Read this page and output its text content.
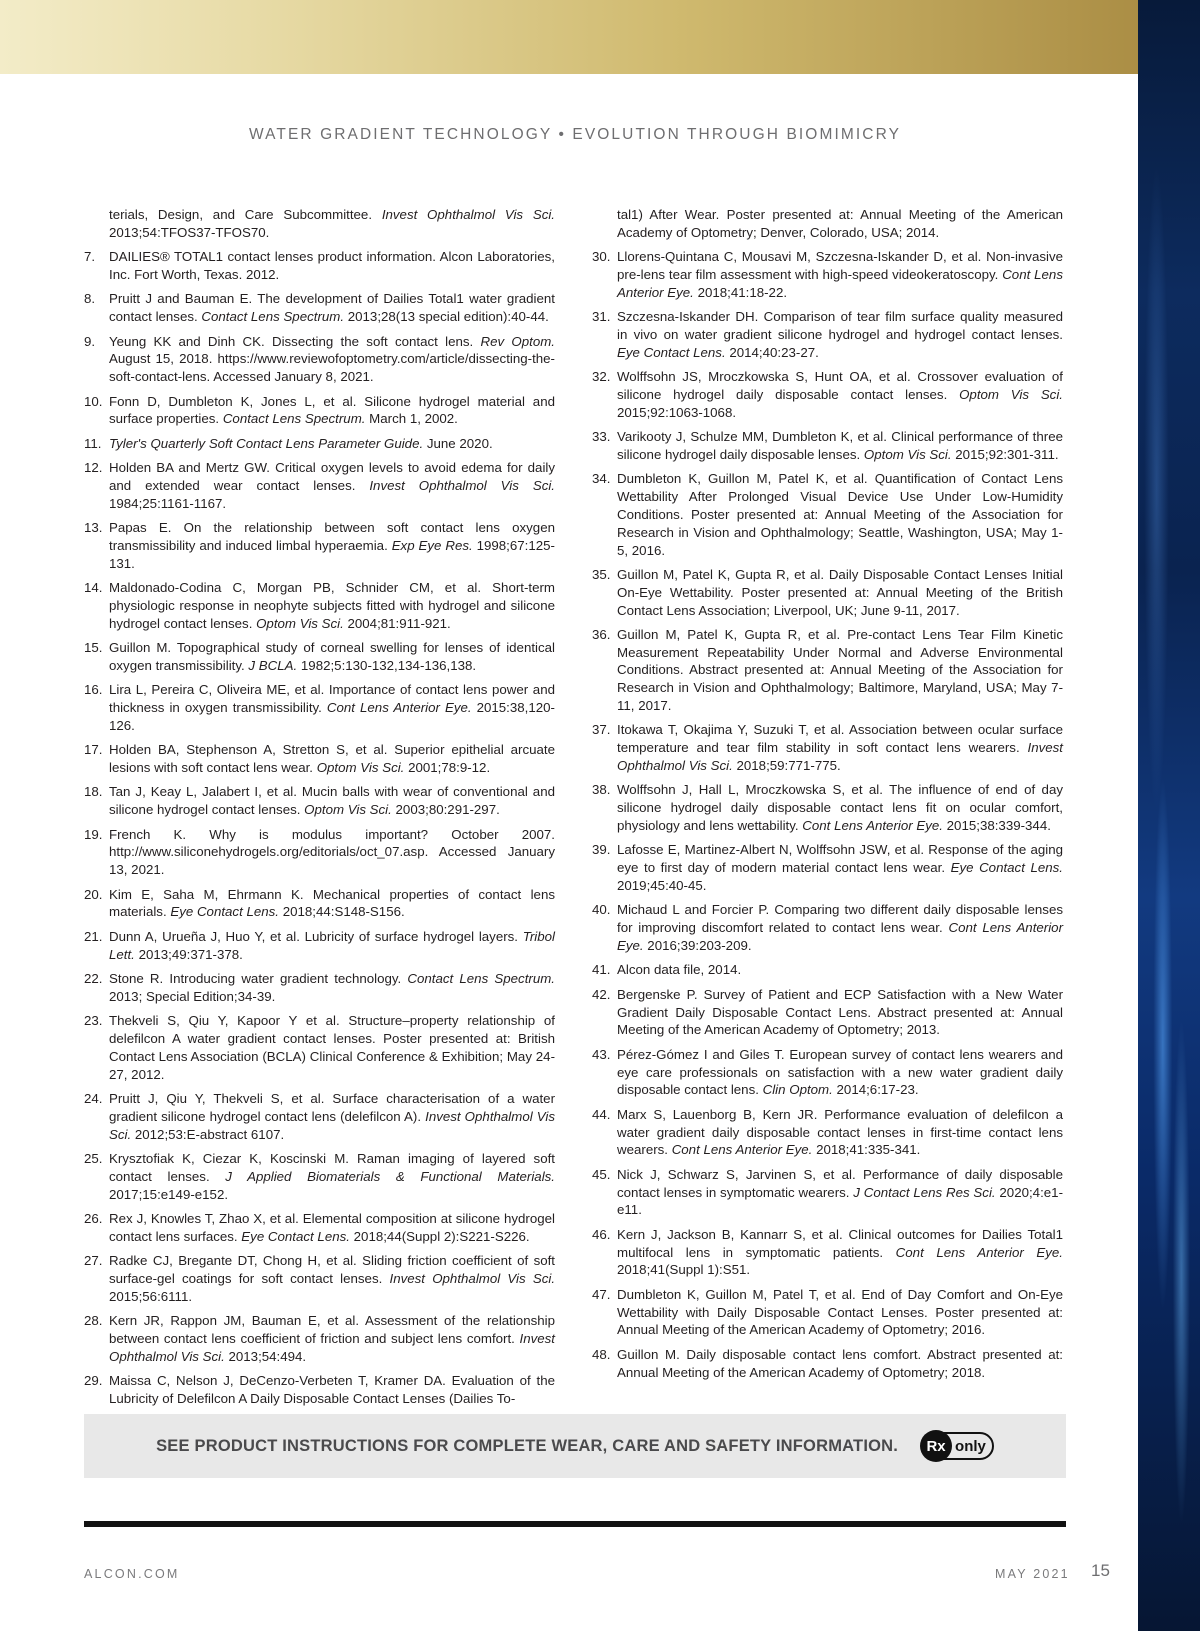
WATER GRADIENT TECHNOLOGY • EVOLUTION THROUGH BIOMIMICRY
terials, Design, and Care Subcommittee. Invest Ophthalmol Vis Sci. 2013;54:TFOS37-TFOS70.
7.	DAILIES® TOTAL1 contact lenses product information. Alcon Laboratories, Inc. Fort Worth, Texas. 2012.
8.	Pruitt J and Bauman E. The development of Dailies Total1 water gradient contact lenses. Contact Lens Spectrum. 2013;28(13 special edition):40-44.
9.	Yeung KK and Dinh CK. Dissecting the soft contact lens. Rev Optom. August 15, 2018. https://www.reviewofoptometry.com/article/dissecting-the-soft-contact-lens. Accessed January 8, 2021.
10. Fonn D, Dumbleton K, Jones L, et al. Silicone hydrogel material and surface properties. Contact Lens Spectrum. March 1, 2002.
11. Tyler's Quarterly Soft Contact Lens Parameter Guide. June 2020.
12. Holden BA and Mertz GW. Critical oxygen levels to avoid edema for daily and extended wear contact lenses. Invest Ophthalmol Vis Sci. 1984;25:1161-1167.
13. Papas E. On the relationship between soft contact lens oxygen transmissibility and induced limbal hyperaemia. Exp Eye Res. 1998;67:125-131.
14. Maldonado-Codina C, Morgan PB, Schnider CM, et al. Short-term physiologic response in neophyte subjects fitted with hydrogel and silicone hydrogel contact lenses. Optom Vis Sci. 2004;81:911-921.
15. Guillon M. Topographical study of corneal swelling for lenses of identical oxygen transmissibility. J BCLA. 1982;5:130-132,134-136,138.
16. Lira L, Pereira C, Oliveira ME, et al. Importance of contact lens power and thickness in oxygen transmissibility. Cont Lens Anterior Eye. 2015:38,120-126.
17. Holden BA, Stephenson A, Stretton S, et al. Superior epithelial arcuate lesions with soft contact lens wear. Optom Vis Sci. 2001;78:9-12.
18. Tan J, Keay L, Jalabert I, et al. Mucin balls with wear of conventional and silicone hydrogel contact lenses. Optom Vis Sci. 2003;80:291-297.
19. French K. Why is modulus important? October 2007. http://www.siliconehydrogels.org/editorials/oct_07.asp. Accessed January 13, 2021.
20. Kim E, Saha M, Ehrmann K. Mechanical properties of contact lens materials. Eye Contact Lens. 2018;44:S148-S156.
21. Dunn A, Urueña J, Huo Y, et al. Lubricity of surface hydrogel layers. Tribol Lett. 2013;49:371-378.
22. Stone R. Introducing water gradient technology. Contact Lens Spectrum. 2013; Special Edition;34-39.
23. Thekveli S, Qiu Y, Kapoor Y et al. Structure–property relationship of delefilcon A water gradient contact lenses. Poster presented at: British Contact Lens Association (BCLA) Clinical Conference & Exhibition; May 24-27, 2012.
24. Pruitt J, Qiu Y, Thekveli S, et al. Surface characterisation of a water gradient silicone hydrogel contact lens (delefilcon A). Invest Ophthalmol Vis Sci. 2012;53:E-abstract 6107.
25. Krysztofiak K, Ciezar K, Koscinski M. Raman imaging of layered soft contact lenses. J Applied Biomaterials & Functional Materials. 2017;15:e149-e152.
26. Rex J, Knowles T, Zhao X, et al. Elemental composition at silicone hydrogel contact lens surfaces. Eye Contact Lens. 2018;44(Suppl 2):S221-S226.
27. Radke CJ, Bregante DT, Chong H, et al. Sliding friction coefficient of soft surface-gel coatings for soft contact lenses. Invest Ophthalmol Vis Sci. 2015;56:6111.
28. Kern JR, Rappon JM, Bauman E, et al. Assessment of the relationship between contact lens coefficient of friction and subject lens comfort. Invest Ophthalmol Vis Sci. 2013;54:494.
29. Maissa C, Nelson J, DeCenzo-Verbeten T, Kramer DA. Evaluation of the Lubricity of Delefilcon A Daily Disposable Contact Lenses (Dailies To-
tal1) After Wear. Poster presented at: Annual Meeting of the American Academy of Optometry; Denver, Colorado, USA; 2014.
30. Llorens-Quintana C, Mousavi M, Szczesna-Iskander D, et al. Non-invasive pre-lens tear film assessment with high-speed videokeratoscopy. Cont Lens Anterior Eye. 2018;41:18-22.
31. Szczesna-Iskander DH. Comparison of tear film surface quality measured in vivo on water gradient silicone hydrogel and hydrogel contact lenses. Eye Contact Lens. 2014;40:23-27.
32. Wolffsohn JS, Mroczkowska S, Hunt OA, et al. Crossover evaluation of silicone hydrogel daily disposable contact lenses. Optom Vis Sci. 2015;92:1063-1068.
33. Varikooty J, Schulze MM, Dumbleton K, et al. Clinical performance of three silicone hydrogel daily disposable lenses. Optom Vis Sci. 2015;92:301-311.
34. Dumbleton K, Guillon M, Patel K, et al. Quantification of Contact Lens Wettability After Prolonged Visual Device Use Under Low-Humidity Conditions. Poster presented at: Annual Meeting of the Association for Research in Vision and Ophthalmology; Seattle, Washington, USA; May 1-5, 2016.
35. Guillon M, Patel K, Gupta R, et al. Daily Disposable Contact Lenses Initial On-Eye Wettability. Poster presented at: Annual Meeting of the British Contact Lens Association; Liverpool, UK; June 9-11, 2017.
36. Guillon M, Patel K, Gupta R, et al. Pre-contact Lens Tear Film Kinetic Measurement Repeatability Under Normal and Adverse Environmental Conditions. Abstract presented at: Annual Meeting of the Association for Research in Vision and Ophthalmology; Baltimore, Maryland, USA; May 7-11, 2017.
37. Itokawa T, Okajima Y, Suzuki T, et al. Association between ocular surface temperature and tear film stability in soft contact lens wearers. Invest Ophthalmol Vis Sci. 2018;59:771-775.
38. Wolffsohn J, Hall L, Mroczkowska S, et al. The influence of end of day silicone hydrogel daily disposable contact lens fit on ocular comfort, physiology and lens wettability. Cont Lens Anterior Eye. 2015;38:339-344.
39. Lafosse E, Martinez-Albert N, Wolffsohn JSW, et al. Response of the aging eye to first day of modern material contact lens wear. Eye Contact Lens. 2019;45:40-45.
40. Michaud L and Forcier P. Comparing two different daily disposable lenses for improving discomfort related to contact lens wear. Cont Lens Anterior Eye. 2016;39:203-209.
41. Alcon data file, 2014.
42. Bergenske P. Survey of Patient and ECP Satisfaction with a New Water Gradient Daily Disposable Contact Lens. Abstract presented at: Annual Meeting of the American Academy of Optometry; 2013.
43. Pérez-Gómez I and Giles T. European survey of contact lens wearers and eye care professionals on satisfaction with a new water gradient daily disposable contact lens. Clin Optom. 2014;6:17-23.
44. Marx S, Lauenborg B, Kern JR. Performance evaluation of delefilcon a water gradient daily disposable contact lenses in first-time contact lens wearers. Cont Lens Anterior Eye. 2018;41:335-341.
45. Nick J, Schwarz S, Jarvinen S, et al. Performance of daily disposable contact lenses in symptomatic wearers. J Contact Lens Res Sci. 2020;4:e1-e11.
46. Kern J, Jackson B, Kannarr S, et al. Clinical outcomes for Dailies Total1 multifocal lens in symptomatic patients. Cont Lens Anterior Eye. 2018;41(Suppl 1):S51.
47. Dumbleton K, Guillon M, Patel T, et al. End of Day Comfort and On-Eye Wettability with Daily Disposable Contact Lenses. Poster presented at: Annual Meeting of the American Academy of Optometry; 2016.
48. Guillon M. Daily disposable contact lens comfort. Abstract presented at: Annual Meeting of the American Academy of Optometry; 2018.
SEE PRODUCT INSTRUCTIONS FOR COMPLETE WEAR, CARE AND SAFETY INFORMATION.	Rx only
ALCON.COM	MAY 2021 15
